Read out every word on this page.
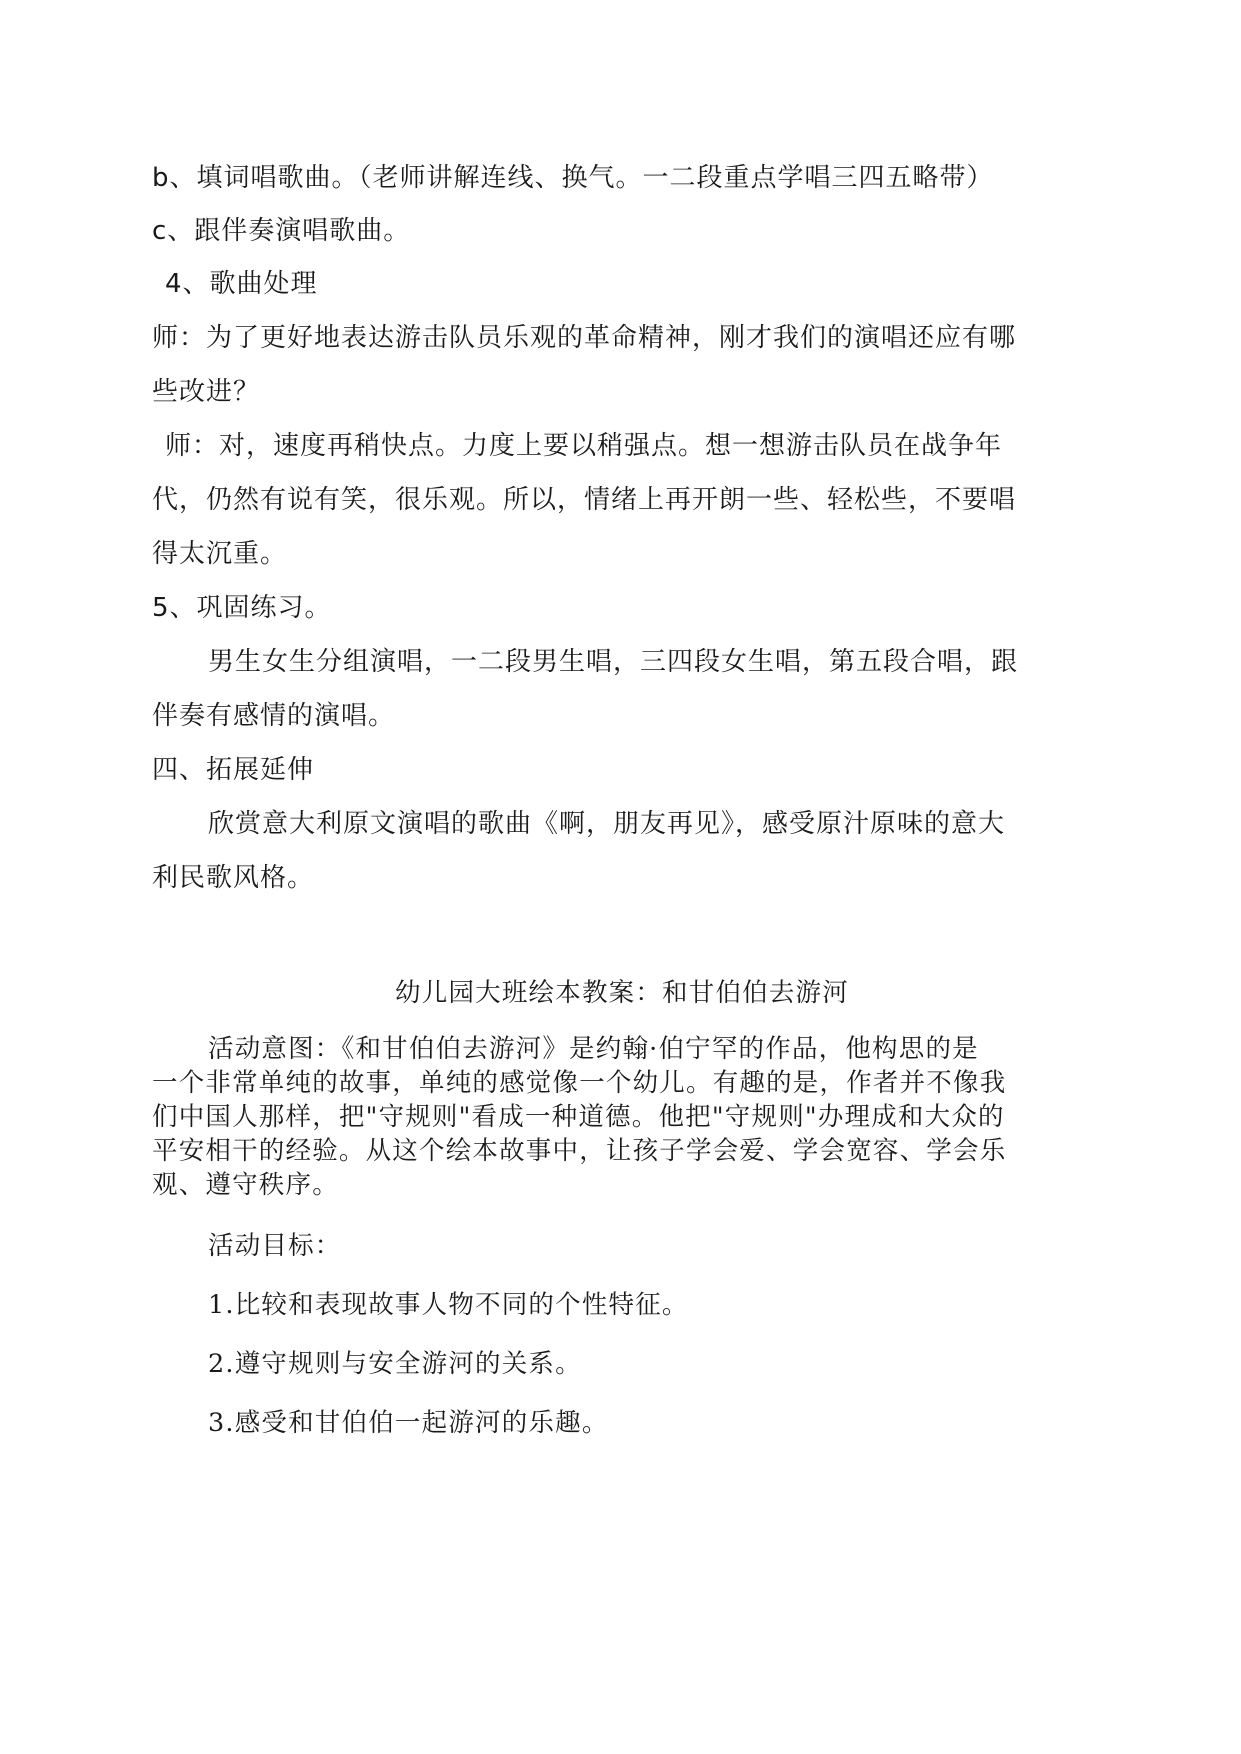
b、填词唱歌曲。（老师讲解连线、换气。一二段重点学唱三四五略带）
c、跟伴奏演唱歌曲。
4、歌曲处理
师：为了更好地表达游击队员乐观的革命精神，刚才我们的演唱还应有哪
些改进？
师：对，速度再稍快点。力度上要以稍强点。想一想游击队员在战争年
代，仍然有说有笑，很乐观。所以，情绪上再开朗一些、轻松些，不要唱
得太沉重。
5、巩固练习。
男生女生分组演唱，一二段男生唱，三四段女生唱，第五段合唱，跟
伴奏有感情的演唱。
四、拓展延伸
欣赏意大利原文演唱的歌曲《啊，朋友再见》，感受原汁原味的意大
利民歌风格。
幼儿园大班绘本教案：和甘伯伯去游河
活动意图：《和甘伯伯去游河》是约翰·伯宁罕的作品，他构思的是
一个非常单纯的故事，单纯的感觉像一个幼儿。有趣的是，作者并不像我
们中国人那样，把"守规则"看成一种道德。他把"守规则"办理成和大众的
平安相干的经验。从这个绘本故事中，让孩子学会爱、学会宽容、学会乐
观、遵守秩序。
活动目标：
1.比较和表现故事人物不同的个性特征。
2.遵守规则与安全游河的关系。
3.感受和甘伯伯一起游河的乐趣。
